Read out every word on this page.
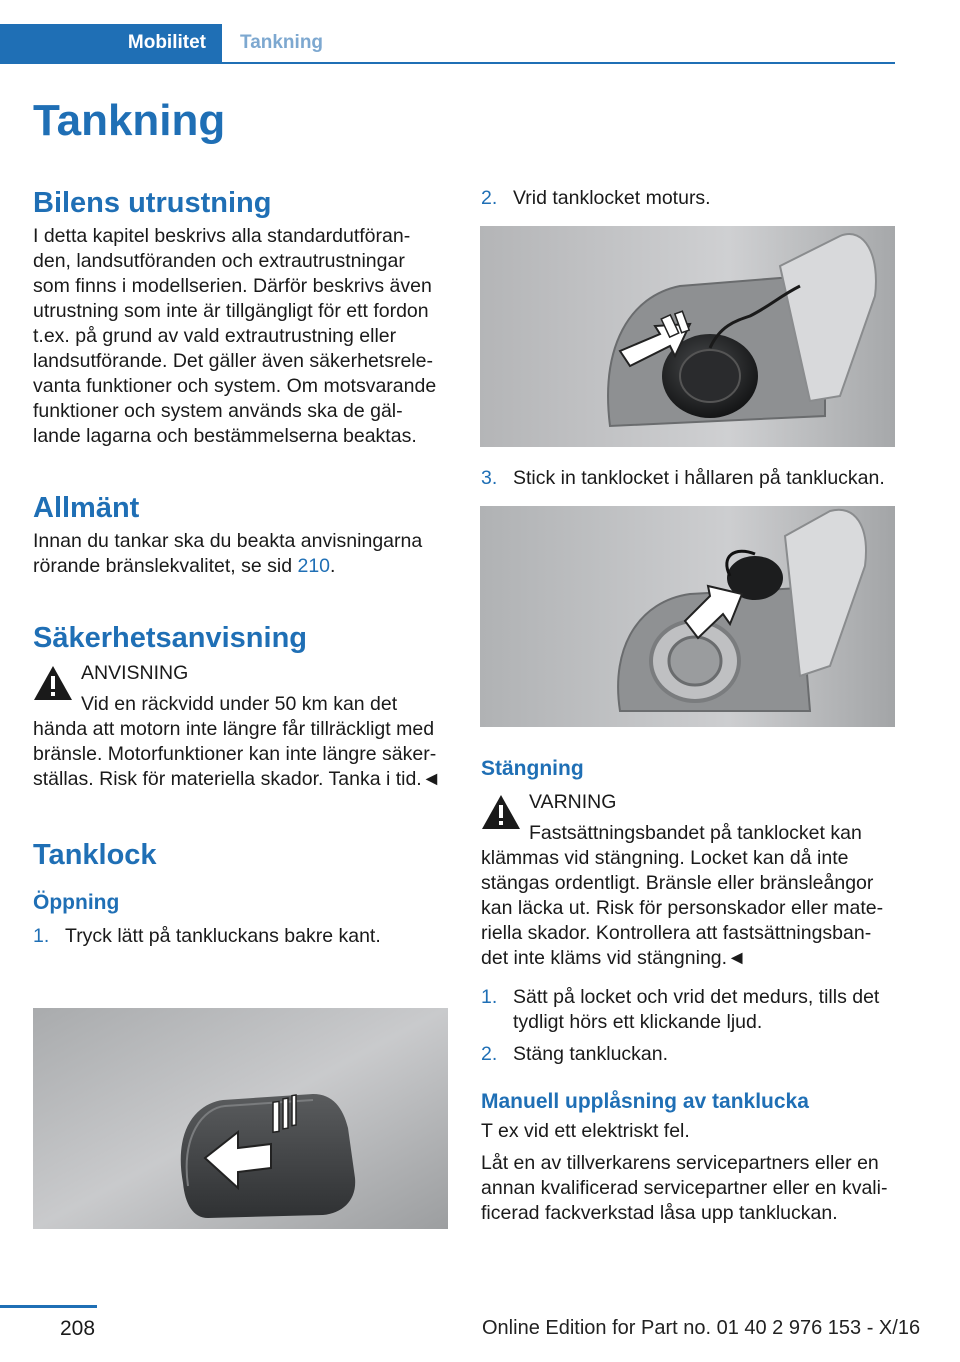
Mobilitet Tankning
Tankning
Bilens utrustning

I detta kapitel beskrivs alla standardutföran-
den, landsutföranden och extrautrustningar
som finns i modellserien. Därför beskrivs även
utrustning som inte är tillgängligt för ett fordon
t.ex. på grund av vald extrautrustning eller
landsutförande. Det gäller även säkerhetsrele-
vanta funktioner och system. Om motsvarande
funktioner och system används ska de gäl-
lande lagarna och bestämmelserna beaktas.

Allmänt

Innan du tankar ska du beakta anvisningarna
rörande bränslekvalitet, se sid 210.

Säkerhetsanvisning
ANVISNING
Vid en räckvidd under 50 km kan det

hända att motorn inte längre får tillräckligt med
bränsle. Motorfunktioner kan inte längre säker-
ställas. Risk för materiella skador. Tanka i tid.◄

Tanklock
Öppning
1. Tryck lätt på tankluckans bakre kant.
2. Vrid tanklocket moturs.
3. Stick in tanklocket i hållaren på tankluckan.
Stängning
VARNING
Fastsättningsbandet på tanklocket kan

klämmas vid stängning. Locket kan då inte
stängas ordentligt. Bränsle eller bränsleångor
kan läcka ut. Risk för personskador eller mate-
riella skador. Kontrollera att fastsättningsban-
det inte kläms vid stängning.◄

1. Sätt på locket och vrid det medurs, tills det
tydligt hörs ett klickande ljud.
2. Stäng tankluckan.
Manuell upplåsning av tanklucka

T ex vid ett elektriskt fel.

Låt en av tillverkarens servicepartners eller en
annan kvalificerad servicepartner eller en kvali-
ficerad fackverkstad låsa upp tankluckan.

208	Online Edition for Part no. 01 40 2 976 153 - X/16
